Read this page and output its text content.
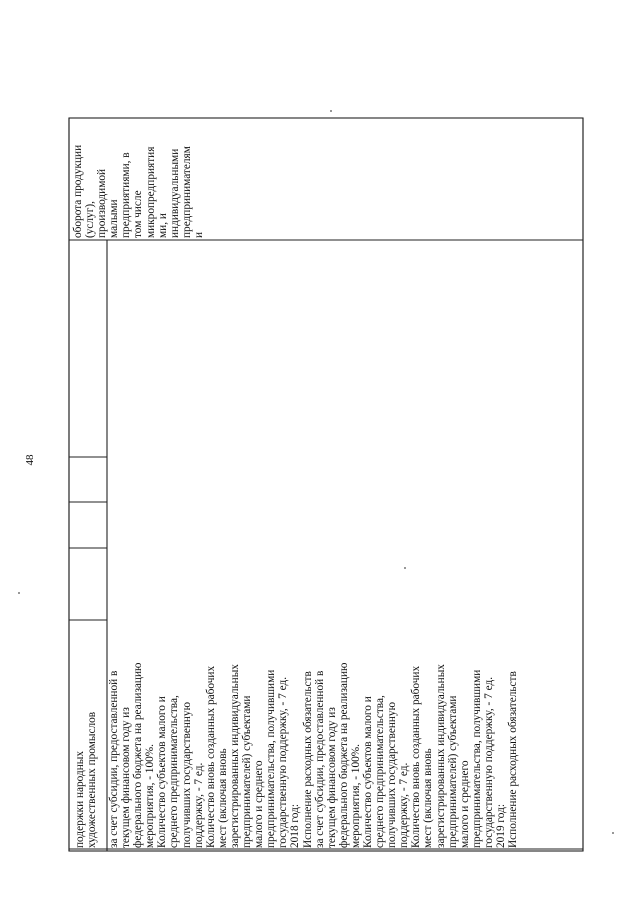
48
подержки народных художественных промыслов за счет субсидии, предоставленной в текущем финансовом году из федерального бюджета на реализацию мероприятия, - 100%. Количество субъектов малого и среднего предпринимательства, получивших государственную поддержку, - 7 ед. Количество вновь созданных рабочих мест (включая вновь зарегистрированных индивидуальных предпринимателей) субъектами малого и среднего предпринимательства, получившими государственную поддержку, - 7 ед. 2018 год: Исполнение расходных обязательств за счет субсидии, предоставленной в текущем финансовом году из федерального бюджета на реализацию мероприятия, - 100%. Количество субъектов малого и среднего предпринимательства, получивших государственную поддержку, - 7 ед. Количество вновь созданных рабочих мест (включая вновь зарегистрированных индивидуальных предпринимателей) субъектами малого и среднего предпринимательства, получившими государственную поддержку, - 7 ед. 2019 год: Исполнение расходных обязательств
оборота продукции (услуг), производимой малыми предприятиями, в том числе микропредприятия ми, и индивидуальными предпринимателям и
